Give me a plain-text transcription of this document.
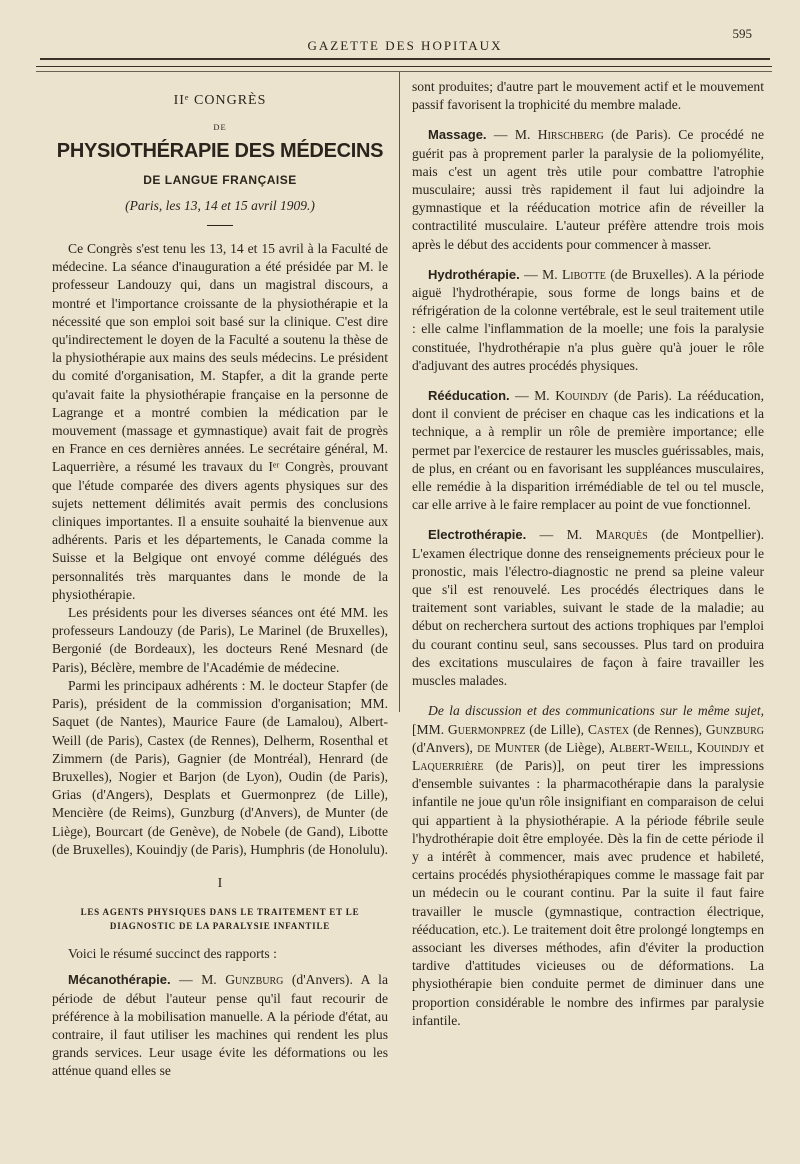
GAZETTE DES HOPITAUX
595
IIᵉ CONGRÈS
DE
PHYSIOTHÉRAPIE DES MÉDECINS
DE LANGUE FRANÇAISE
(Paris, les 13, 14 et 15 avril 1909.)

Ce Congrès s'est tenu les 13, 14 et 15 avril à la Faculté de médecine. La séance d'inauguration a été présidée par M. le professeur Landouzy qui, dans un magistral discours, a montré et l'importance croissante de la physiothérapie et la nécessité que son emploi soit basé sur la clinique. C'est dire qu'indirectement le doyen de la Faculté a soutenu la thèse de la physiothérapie aux mains des seuls médecins. Le président du comité d'organisation, M. Stapfer, a dit la grande perte qu'avait faite la physiothérapie française en la personne de Lagrange et a montré combien la médication par le mouvement (massage et gymnastique) avait fait de progrès en France en ces dernières années. Le secrétaire général, M. Laquerrière, a résumé les travaux du Iᵉʳ Congrès, prouvant que l'étude comparée des divers agents physiques sur des sujets nettement délimités avait permis des conclusions cliniques importantes. Il a ensuite souhaité la bienvenue aux adhérents. Paris et les départements, le Canada comme la Suisse et la Belgique ont envoyé comme délégués des personnalités très marquantes dans le monde de la physiothérapie.

Les présidents pour les diverses séances ont été MM. les professeurs Landouzy (de Paris), Le Marinel (de Bruxelles), Bergonié (de Bordeaux), les docteurs René Mesnard (de Paris), Béclère, membre de l'Académie de médecine.

Parmi les principaux adhérents : M. le docteur Stapfer (de Paris), président de la commission d'organisation; MM. Saquet (de Nantes), Maurice Faure (de Lamalou), Albert-Weill (de Paris), Castex (de Rennes), Delherm, Rosenthal et Zimmern (de Paris), Gagnier (de Montréal), Henrard (de Bruxelles), Nogier et Barjon (de Lyon), Oudin (de Paris), Grias (d'Angers), Desplats et Guermonprez (de Lille), Mencière (de Reims), Gunzburg (d'Anvers), de Munter (de Liège), Bourcart (de Genève), de Nobele (de Gand), Libotte (de Bruxelles), Kouindjy (de Paris), Humphris (de Honolulu).

I
LES AGENTS PHYSIQUES DANS LE TRAITEMENT ET LE DIAGNOSTIC DE LA PARALYSIE INFANTILE

Voici le résumé succinct des rapports :

Mécanothérapie. — M. Gunzburg (d'Anvers). A la période de début l'auteur pense qu'il faut recourir de préférence à la mobilisation manuelle. A la période d'état, au contraire, il faut utiliser les machines qui rendent les plus grands services. Leur usage évite les déformations ou les atténue quand elles se

sont produites; d'autre part le mouvement actif et le mouvement passif favorisent la trophicité du membre malade.

Massage. — M. Hirschberg (de Paris). Ce procédé ne guérit pas à proprement parler la paralysie de la poliomyélite, mais c'est un agent très utile pour combattre l'atrophie musculaire; aussi très rapidement il faut lui adjoindre la gymnastique et la rééducation motrice afin de réveiller la contractilité musculaire. L'auteur préfère attendre trois mois après le début des accidents pour commencer à masser.

Hydrothérapie. — M. Libotte (de Bruxelles). A la période aiguë l'hydrothérapie, sous forme de longs bains et de réfrigération de la colonne vertébrale, est le seul traitement utile : elle calme l'inflammation de la moelle; une fois la paralysie constituée, l'hydrothérapie n'a plus guère qu'à jouer le rôle d'adjuvant des autres procédés physiques.

Rééducation. — M. Kouindjy (de Paris). La rééducation, dont il convient de préciser en chaque cas les indications et la technique, a à remplir un rôle de première importance; elle permet par l'exercice de restaurer les muscles guérissables, mais, de plus, en créant ou en favorisant les suppléances musculaires, elle remédie à la disparition irrémédiable de tel ou tel muscle, car elle arrive à le faire remplacer au point de vue fonctionnel.

Electrothérapie. — M. Marquès (de Montpellier). L'examen électrique donne des renseignements précieux pour le pronostic, mais l'électro-diagnostic ne prend sa pleine valeur que s'il est renouvelé. Les procédés électriques dans le traitement sont variables, suivant le stade de la maladie; au début on recherchera surtout des actions trophiques par l'emploi du courant continu seul, sans secousses. Plus tard on produira des excitations musculaires de façon à faire travailler les muscles malades.

De la discussion et des communications sur le même sujet, [MM. Guermonprez (de Lille), Castex (de Rennes), Gunzburg (d'Anvers), de Munter (de Liège), Albert-Weill, Kouindjy et Laquerrière (de Paris)], on peut tirer les impressions d'ensemble suivantes : la pharmacothérapie dans la paralysie infantile ne joue qu'un rôle insignifiant en comparaison de celui qui appartient à la physiothérapie. A la période fébrile seule l'hydrothérapie doit être employée. Dès la fin de cette période il y a intérêt à commencer, mais avec prudence et habileté, certains procédés physiothérapiques comme le massage fait par un médecin ou le courant continu. Par la suite il faut faire travailler le muscle (gymnastique, contraction électrique, rééducation, etc.). Le traitement doit être prolongé longtemps en associant les diverses méthodes, afin d'éviter la production tardive d'attitudes vicieuses ou de déformations. La physiothérapie bien conduite permet de diminuer dans une proportion considérable le nombre des infirmes par paralysie infantile.
